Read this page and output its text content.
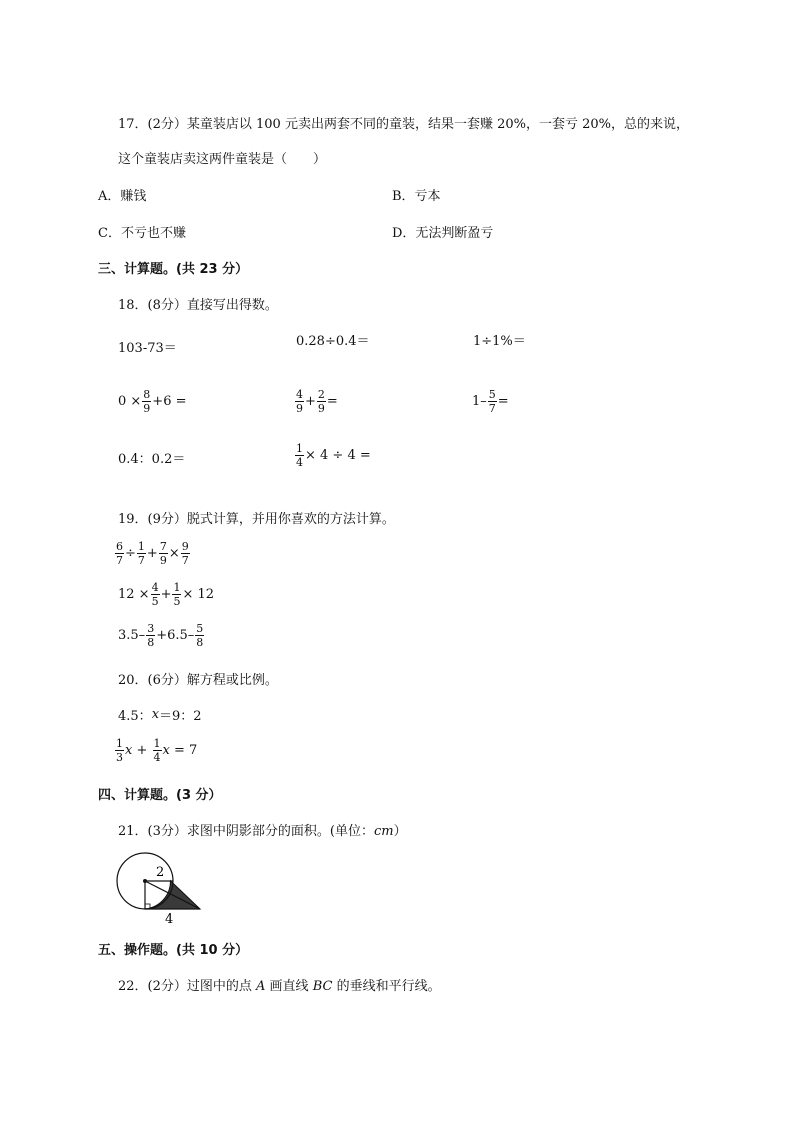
17．(2分）某童装店以 100 元卖出两套不同的童装，结果一套赚 20%，一套亏 20%，总的来说，
这个童装店卖这两件童装是（　　）
A．赚钱	B．亏本
C．不亏也不赚	D．无法判断盈亏
三、计算题。(共 23 分）
18．(8分）直接写出得数。
103-73＝	0.28÷0.4＝	1÷1%＝
$0 \times \frac{8}{9} +6$ =	$\frac{4}{9} + \frac{2}{9}$ =	$1- \frac{5}{7}$ =
0.4：0.2＝	$\frac{1}{4} \times 4 \div 4$ =
19．(9分）脱式计算，并用你喜欢的方法计算。
$\frac{6}{7} \div \frac{1}{7} + \frac{7}{9} \times \frac{9}{7}$
$12 \times \frac{4}{5} + \frac{1}{5} \times 12$
$3.5- \frac{3}{8} +6.5- \frac{5}{8}$
20．(6分）解方程或比例。
4.5： x ＝9：2
$\frac{1}{3}$ $x + \frac{1}{4}$ x = 7
四、计算题。(3 分）
21．(3分）求图中阴影部分的面积。(单位：cm）
2
4
五、操作题。(共 10 分）
22．(2分）过图中的点 A 画直线 BC 的垂线和平行线。
